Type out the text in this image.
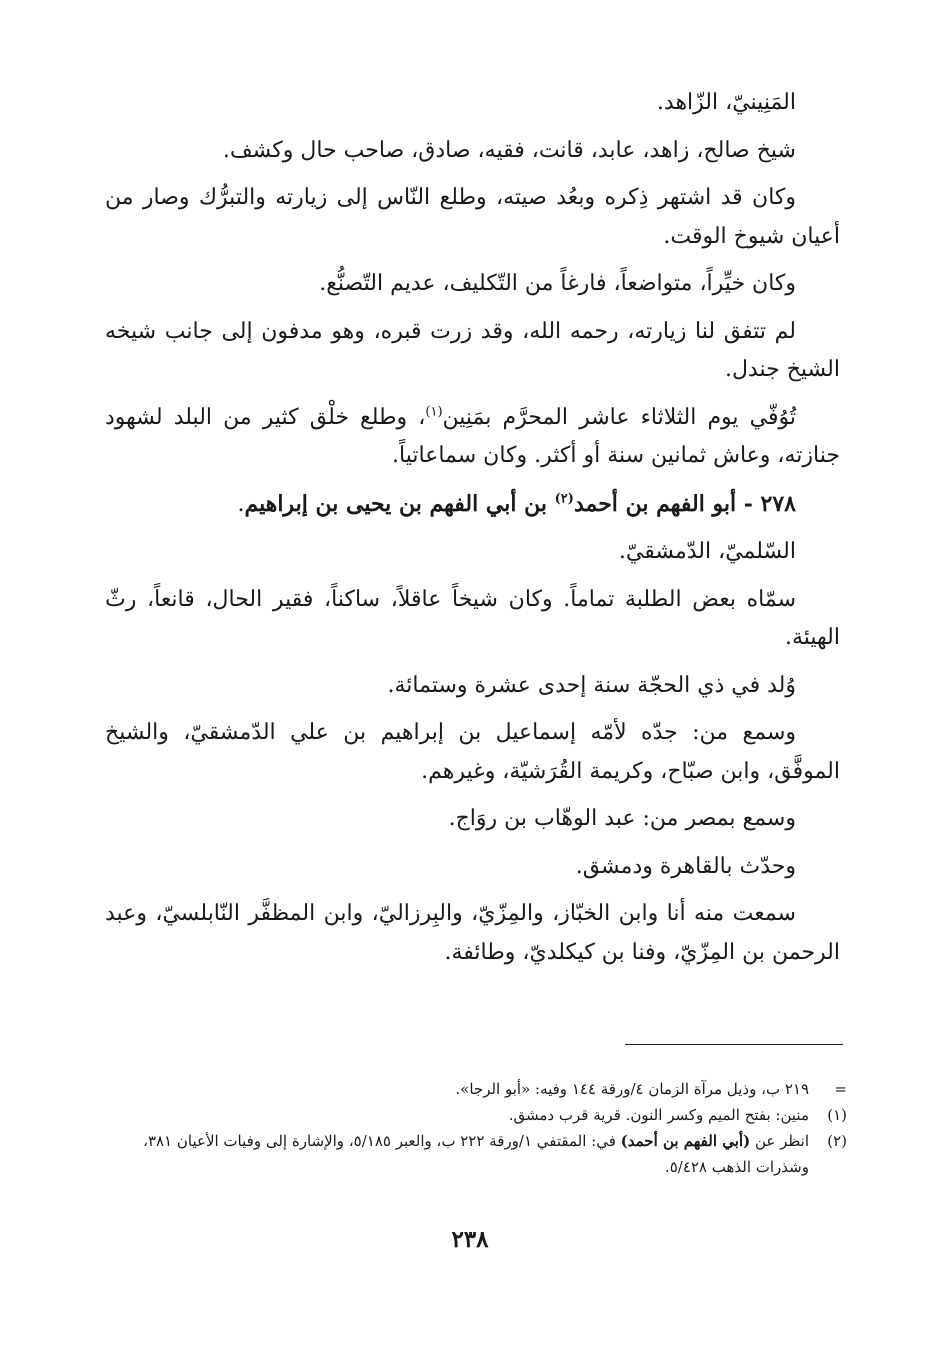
المَنِينيّ، الزّاهد.

شيخ صالح، زاهد، عابد، قانت، فقيه، صادق، صاحب حال وكشف.

وكان قد اشتهر ذِكره وبعُد صيته، وطلع النّاس إلى زيارته والتبرُّك وصار من أعيان شيوخ الوقت.

وكان خيِّراً، متواضعاً، فارغاً من التّكليف، عديم التّصنُّع.

لم تتفق لنا زيارته، رحمه الله، وقد زرت قبره، وهو مدفون إلى جانب شيخه الشيخ جندل.

تُوُفّي يوم الثلاثاء عاشر المحرَّم بمَنِين$^{(١)}$، وطلع خلْق كثير من البلد لشهود جنازته، وعاش ثمانين سنة أو أكثر. وكان سماعاتياً.

٢٧٨ - أبو الفهم بن أحمد$^{(٢)}$ بن أبي الفهم بن يحيى بن إبراهيم.

السّلميّ، الدّمشقيّ.

سمّاه بعض الطلبة تماماً. وكان شيخاً عاقلاً، ساكناً، فقير الحال، قانعاً، رثّ الهيئة.

وُلد في ذي الحجّة سنة إحدى عشرة وستمائة.

وسمع من: جدّه لأمّه إسماعيل بن إبراهيم بن علي الدّمشقيّ، والشيخ الموفَّق، وابن صبّاح، وكريمة القُرَشيّة، وغيرهم.

وسمع بمصر من: عبد الوهّاب بن روَاج.

وحدّث بالقاهرة ودمشق.

سمعت منه أنا وابن الخبّاز، والمِزّيّ، والبِرزاليّ، وابن المظفَّر النّابلسيّ، وعبد الرحمن بن المِزّيّ، وفنا بن كيكلديّ، وطائفة.

=
٢١٩ ب، وذيل مرآة الزمان ٤/ورقة ١٤٤ وفيه: «أبو الرجا».
(١)
منين: بفتح الميم وكسر النون. قرية قرب دمشق.
(٢)
انظر عن (أبي الفهم بن أحمد) في: المقتفي ١/ورقة ٢٢٢ ب، والعبر ٥/١٨٥، والإشارة إلى وفيات الأعيان ٣٨١، وشذرات الذهب ٥/٤٢٨.
٢٣٨
